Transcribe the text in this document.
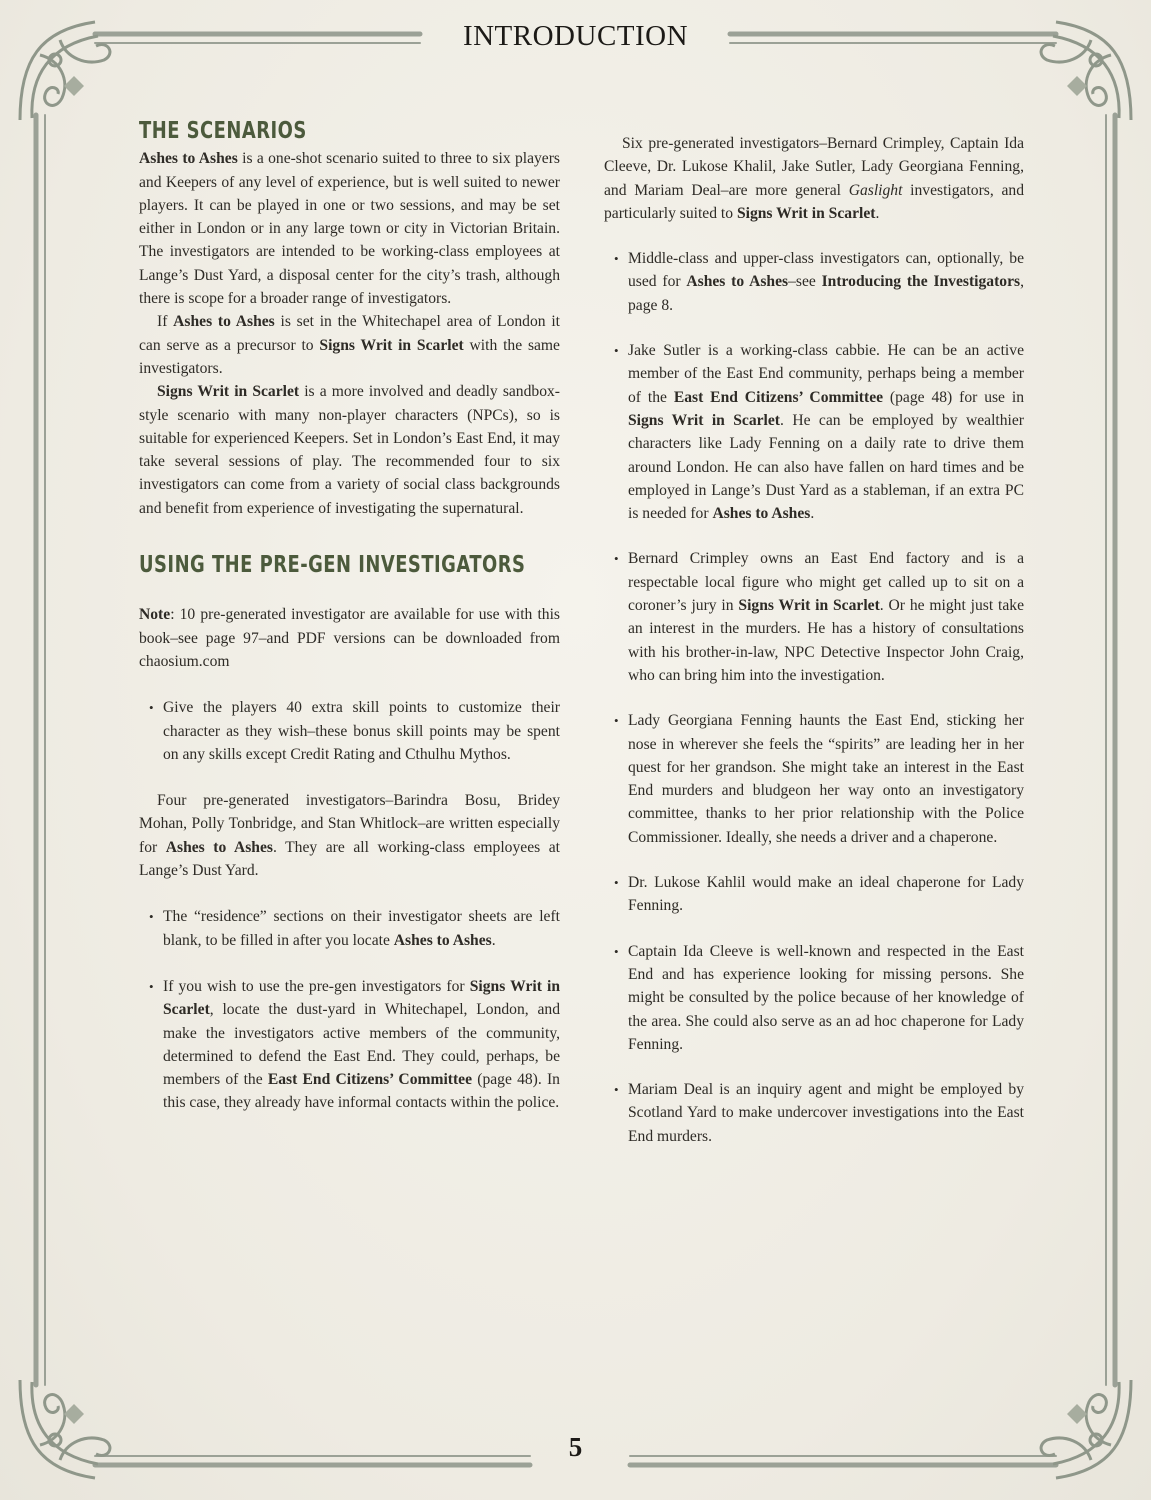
INTRODUCTION
THE SCENARIOS

Ashes to Ashes is a one-shot scenario suited to three to six players and Keepers of any level of experience, but is well suited to newer players. It can be played in one or two sessions, and may be set either in London or in any large town or city in Victorian Britain. The investigators are intended to be working-class employees at Lange’s Dust Yard, a disposal center for the city’s trash, although there is scope for a broader range of investigators.

If Ashes to Ashes is set in the Whitechapel area of London it can serve as a precursor to Signs Writ in Scarlet with the same investigators.

Signs Writ in Scarlet is a more involved and deadly sandbox-style scenario with many non-player characters (NPCs), so is suitable for experienced Keepers. Set in London’s East End, it may take several sessions of play. The recommended four to six investigators can come from a variety of social class backgrounds and benefit from experience of investigating the supernatural.

USING THE PRE-GEN INVESTIGATORS

Note: 10 pre-generated investigator are available for use with this book–see page 97–and PDF versions can be downloaded from chaosium.com

• Give the players 40 extra skill points to customize their character as they wish–these bonus skill points may be spent on any skills except Credit Rating and Cthulhu Mythos.

Four pre-generated investigators–Barindra Bosu, Bridey Mohan, Polly Tonbridge, and Stan Whitlock–are written especially for Ashes to Ashes. They are all working-class employees at Lange’s Dust Yard.

• The “residence” sections on their investigator sheets are left blank, to be filled in after you locate Ashes to Ashes.

• If you wish to use the pre-gen investigators for Signs Writ in Scarlet, locate the dust-yard in Whitechapel, London, and make the investigators active members of the community, determined to defend the East End. They could, perhaps, be members of the East End Citizens’ Committee (page 48). In this case, they already have informal contacts within the police.

Six pre-generated investigators–Bernard Crimpley, Captain Ida Cleeve, Dr. Lukose Khalil, Jake Sutler, Lady Georgiana Fenning, and Mariam Deal–are more general Gaslight investigators, and particularly suited to Signs Writ in Scarlet.

• Middle-class and upper-class investigators can, optionally, be used for Ashes to Ashes–see Introducing the Investigators, page 8.

• Jake Sutler is a working-class cabbie. He can be an active member of the East End community, perhaps being a member of the East End Citizens’ Committee (page 48) for use in Signs Writ in Scarlet. He can be employed by wealthier characters like Lady Fenning on a daily rate to drive them around London. He can also have fallen on hard times and be employed in Lange’s Dust Yard as a stableman, if an extra PC is needed for Ashes to Ashes.

• Bernard Crimpley owns an East End factory and is a respectable local figure who might get called up to sit on a coroner’s jury in Signs Writ in Scarlet. Or he might just take an interest in the murders. He has a history of consultations with his brother-in-law, NPC Detective Inspector John Craig, who can bring him into the investigation.

• Lady Georgiana Fenning haunts the East End, sticking her nose in wherever she feels the “spirits” are leading her in her quest for her grandson. She might take an interest in the East End murders and bludgeon her way onto an investigatory committee, thanks to her prior relationship with the Police Commissioner. Ideally, she needs a driver and a chaperone.

• Dr. Lukose Kahlil would make an ideal chaperone for Lady Fenning.

• Captain Ida Cleeve is well-known and respected in the East End and has experience looking for missing persons. She might be consulted by the police because of her knowledge of the area. She could also serve as an ad hoc chaperone for Lady Fenning.

• Mariam Deal is an inquiry agent and might be employed by Scotland Yard to make undercover investigations into the East End murders.

5
